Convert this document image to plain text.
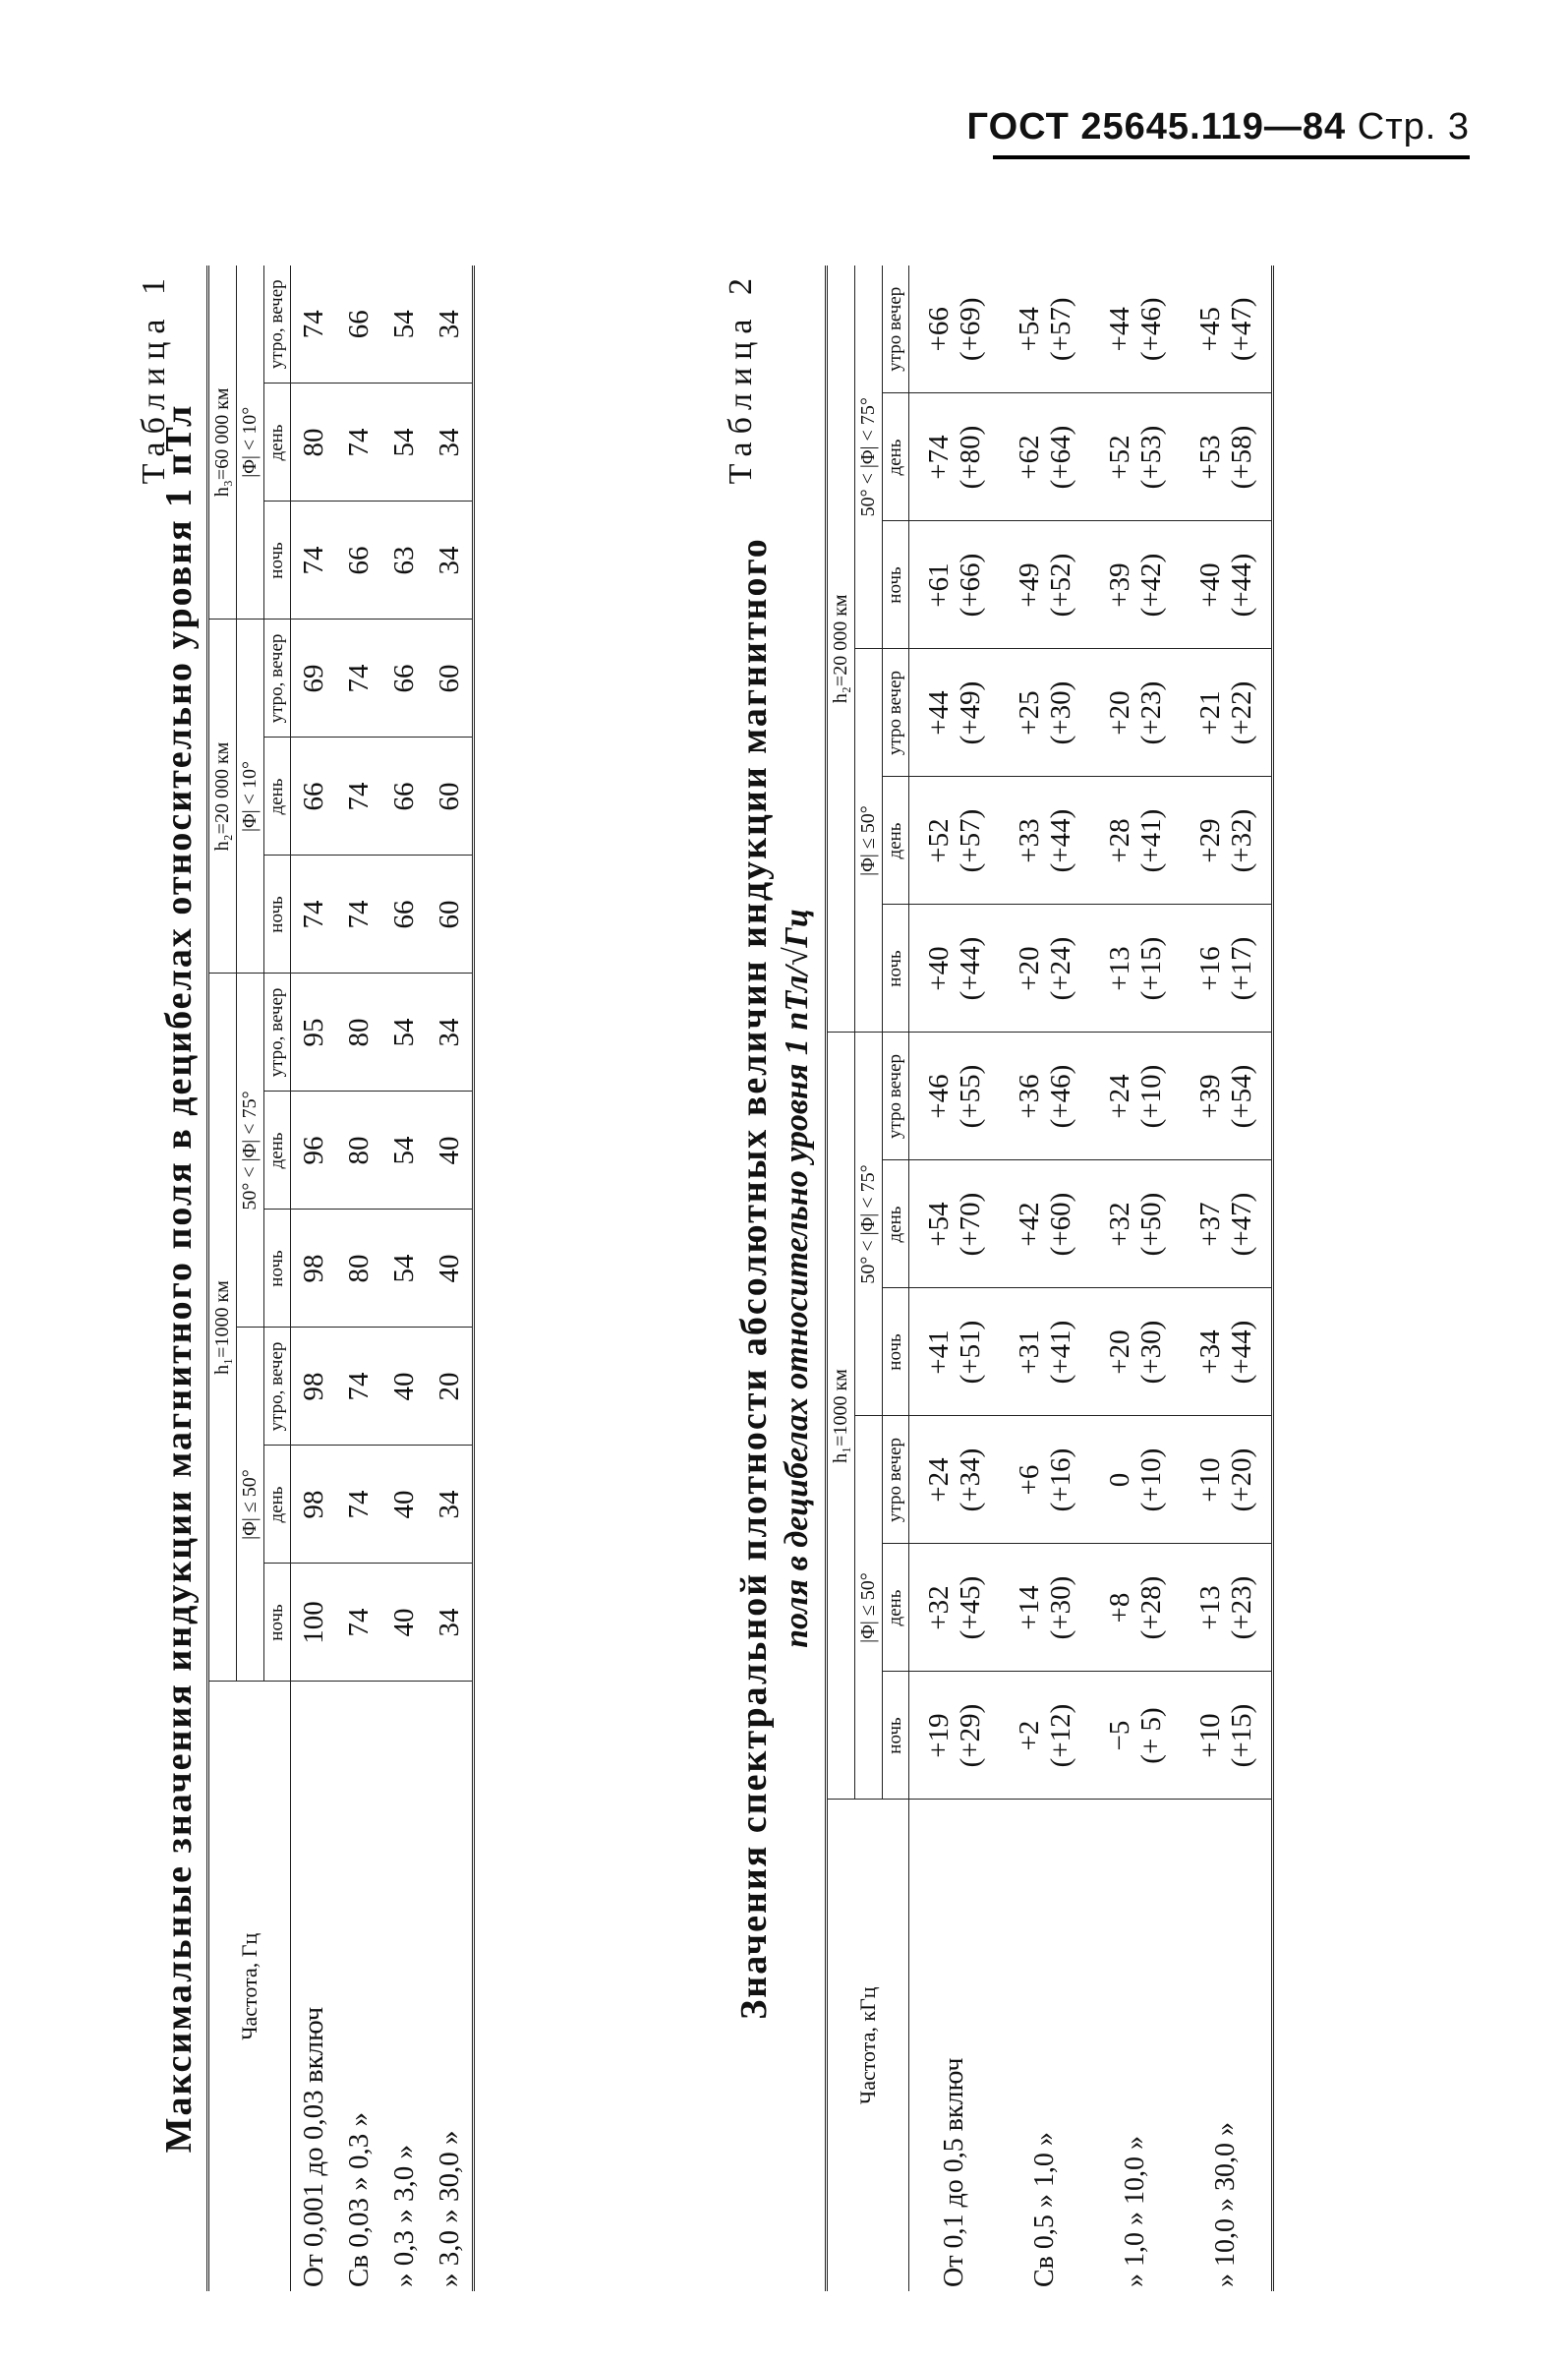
ГОСТ 25645.119—84 Стр. 3
Таблица 1
Максимальные значения индукции магнитного поля в децибелах относительно уровня 1 пТл Частота, Гц	h₁=1000 км						h₂=20 000 км			h₃=60 000 км		
	|Φ| ≤ 50°			50° < |Φ| < 75°			|Φ| < 10°			|Φ| < 10°		
	ночь	день	утро, вечер	ночь	день	утро, вечер	ночь	день	утро, вечер	ночь	день	утро, вечер
От 0,001 до 0,03 включ	100	98	98	98	96	95	74	66	69	74	80	74
Св 0,03 » 0,3 »	74	74	74	80	80	80	74	74	74	66	74	66
» 0,3 » 3,0 »	40	40	40	54	54	54	66	66	66	63	54	54
» 3,0 » 30,0 »	34	34	20	40	40	34	60	60	60	34	34	34	Таблица 2
Значения спектральной плотности абсолютных величин индукции магнитного поля в децибелах относительно уровня 1 пТл/√Гц
Частота, кГц	h₁=1000 км						h₂=20 000 км					
	|Φ| ≤ 50°			50° < |Φ| < 75°			|Φ| ≤ 50°			50° < |Φ| < 75°		
	ночь	день	утро вечер	ночь	день	утро вечер	ночь	день	утро вечер	ночь	день	утро вечер
От 0,1 до 0,5 включ	+19 (+29)	+32 (+45)	+24 (+34)	+41 (+51)	+54 (+70)	+46 (+55)	+40 (+44)	+52 (+57)	+44 (+49)	+61 (+66)	+74 (+80)	+66 (+69)

Св 0,5 » 1,0 »	+2 (+12)	+14 (+30)	+6 (+16)	+31 (+41)	+42 (+60)	+36 (+46)	+20 (+24)	+33 (+44)	+25 (+30)	+49 (+52)	+62 (+64)	+54 (+57)

» 1,0 » 10,0 »	−5 (+ 5)	+8 (+28)	0 (+10)	+20 (+30)	+32 (+50)	+24 (+10)	+13 (+15)	+28 (+41)	+20 (+23)	+39 (+42)	+52 (+53)	+44 (+46)

» 10,0 » 30,0 »	+10 (+15)	+13 (+23)	+10 (+20)	+34 (+44)	+37 (+47)	+39 (+54)	+16 (+17)	+29 (+32)	+21 (+22)	+40 (+44)	+53 (+58)	+45 (+47)
